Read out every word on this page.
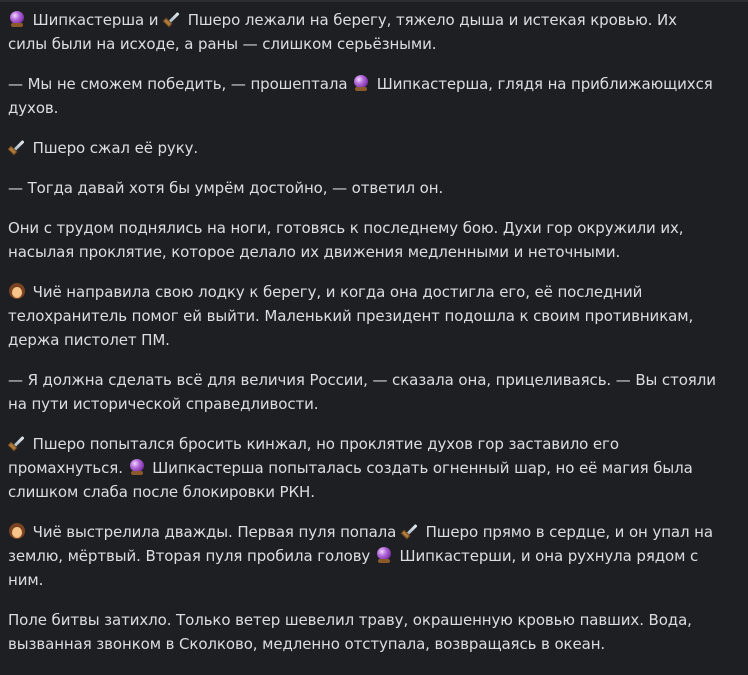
Шипкастерша и  Пшеро лежали на берегу, тяжело дыша и истекая кровью. Их силы были на исходе, а раны — слишком серьёзными.

— Мы не сможем победить, — прошептала  Шипкастерша, глядя на приближающихся духов.

Пшеро сжал её руку.

— Тогда давай хотя бы умрём достойно, — ответил он.

Они с трудом поднялись на ноги, готовясь к последнему бою. Духи гор окружили их, насылая проклятие, которое делало их движения медленными и неточными.

Чиё направила свою лодку к берегу, и когда она достигла его, её последний телохранитель помог ей выйти. Маленький президент подошла к своим противникам, держа пистолет ПМ.

— Я должна сделать всё для величия России, — сказала она, прицеливаясь. — Вы стояли на пути исторической справедливости.

Пшеро попытался бросить кинжал, но проклятие духов гор заставило его промахнуться.  Шипкастерша попыталась создать огненный шар, но её магия была слишком слаба после блокировки РКН.

Чиё выстрелила дважды. Первая пуля попала  Пшеро прямо в сердце, и он упал на землю, мёртвый. Вторая пуля пробила голову  Шипкастерши, и она рухнула рядом с ним.

Поле битвы затихло. Только ветер шевелил траву, окрашенную кровью павших. Вода, вызванная звонком в Сколково, медленно отступала, возвращаясь в океан.
